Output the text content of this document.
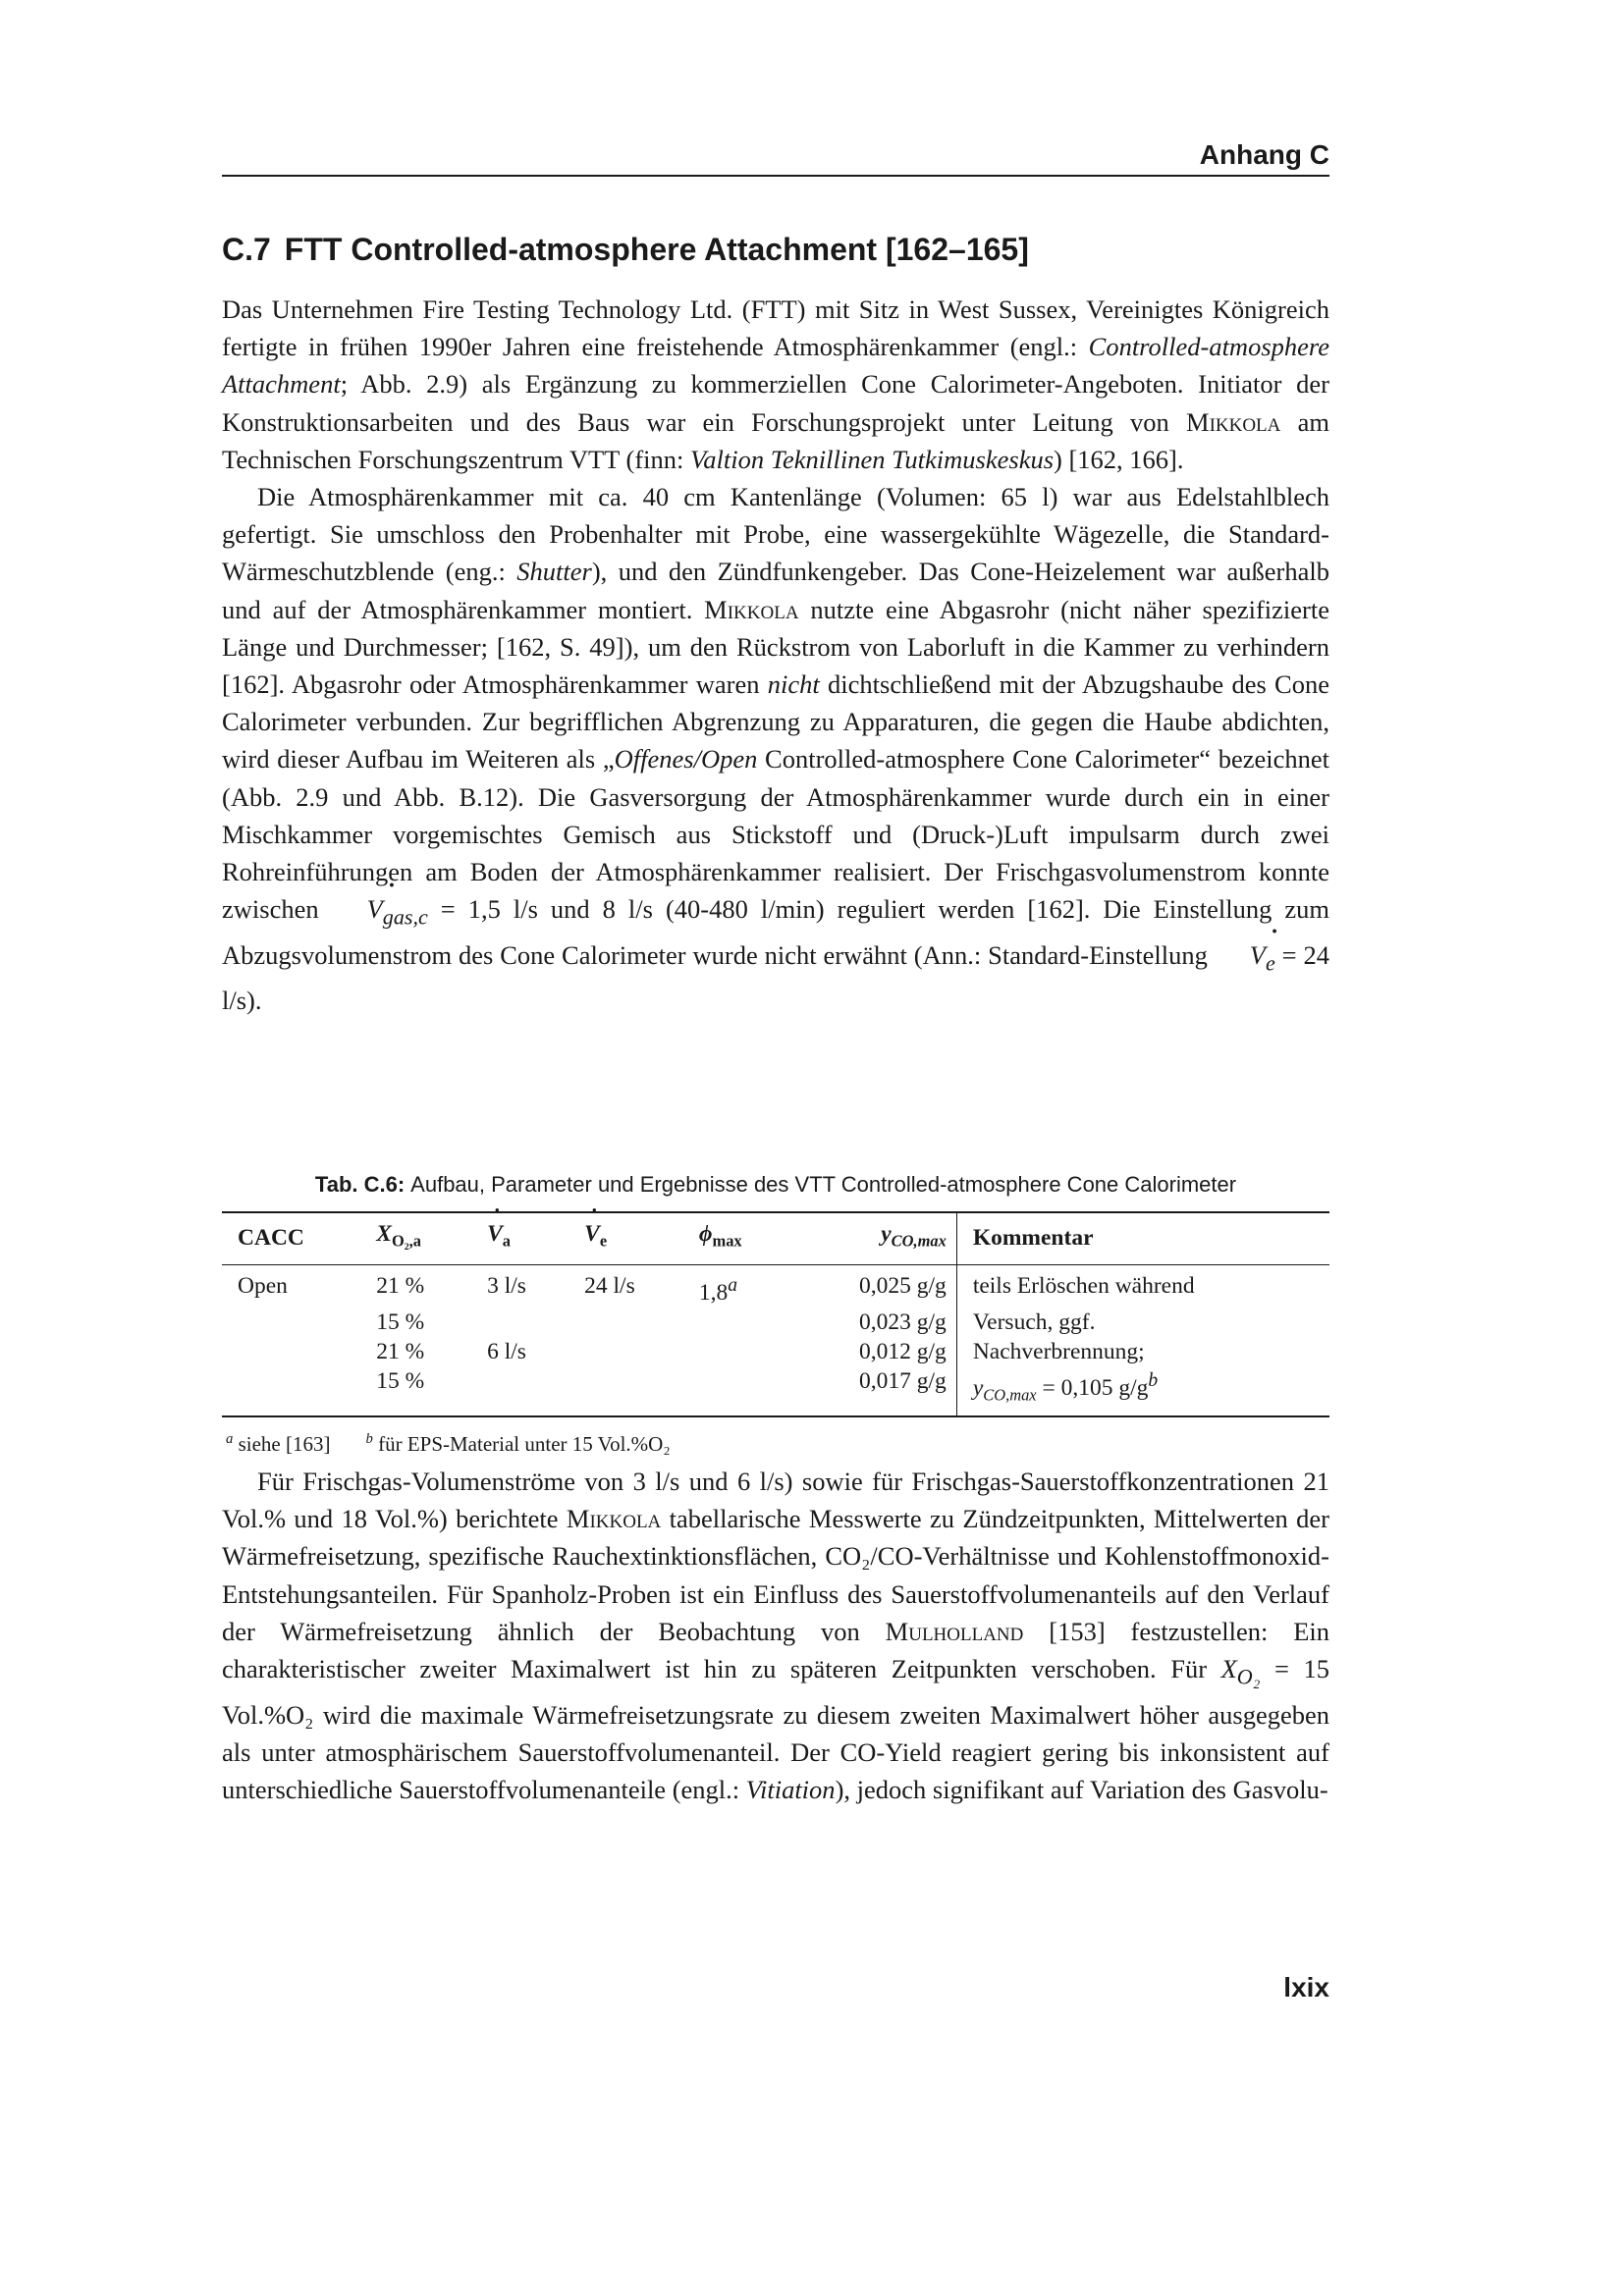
Anhang C
C.7 FTT Controlled-atmosphere Attachment [162–165]

Das Unternehmen Fire Testing Technology Ltd. (FTT) mit Sitz in West Sussex, Vereinigtes Königreich fertigte in frühen 1990er Jahren eine freistehende Atmosphärenkammer (engl.: Controlled-atmosphere Attachment; Abb. 2.9) als Ergänzung zu kommerziellen Cone Calorimeter-Angeboten. Initiator der Konstruktionsarbeiten und des Baus war ein Forschungsprojekt unter Leitung von Mikkola am Technischen Forschungszentrum VTT (finn: Valtion Teknillinen Tutkimuskeskus) [162, 166].

Die Atmosphärenkammer mit ca. 40 cm Kantenlänge (Volumen: 65 l) war aus Edelstahlblech gefertigt. Sie umschloss den Probenhalter mit Probe, eine wassergekühlte Wägezelle, die Standard-Wärmeschutzblende (eng.: Shutter), und den Zündfunkengeber. Das Cone-Heizelement war außerhalb und auf der Atmosphärenkammer montiert. Mikkola nutzte eine Abgasrohr (nicht näher spezifizierte Länge und Durchmesser; [162, S. 49]), um den Rückstrom von Laborluft in die Kammer zu verhindern [162]. Abgasrohr oder Atmosphärenkammer waren nicht dichtschließend mit der Abzugshaube des Cone Calorimeter verbunden. Zur begrifflichen Abgrenzung zu Apparaturen, die gegen die Haube abdichten, wird dieser Aufbau im Weiteren als „Offenes/Open Controlled-atmosphere Cone Calorimeter“ bezeichnet (Abb. 2.9 und Abb. B.12). Die Gasversorgung der Atmosphärenkammer wurde durch ein in einer Mischkammer vorgemischtes Gemisch aus Stickstoff und (Druck-)Luft impulsarm durch zwei Rohreinführungen am Boden der Atmosphärenkammer realisiert. Der Frischgasvolumenstrom konnte zwischen ˙ $V_{gas,c} = 1,5$ l/s und 8 l/s (40-480 l/min) reguliert werden [162]. Die Einstellung zum Abzugsvolumenstrom des Cone Calorimeter wurde nicht erwähnt (Ann.: Standard-Einstellung ˙ $V_e = 24$ l/s).

Tab. C.6: Aufbau, Parameter und Ergebnisse des VTT Controlled-atmosphere Cone Calorimeter
CACC	$X_{O_2,a}$	˙ $V_a$	˙ $V_e$	$\phi_{max}$	$y_{CO,max}$	Kommentar
Open	21 %	3 l/s	24 l/s	1,8$^a$	0,025 g/g	teils Erlöschen während
	15 %				0,023 g/g	Versuch, ggf.
	21 %	6 l/s			0,012 g/g	Nachverbrennung;
	15 %				0,017 g/g	$y_{CO,max} = 0,105$ $g/g^b$
$^a$ siehe [163] $^b$ für EPS-Material unter 15 Vol.%O₂

Für Frischgas-Volumenströme von 3 l/s und 6 l/s) sowie für Frischgas-Sauerstoffkonzentrationen 21 Vol.% und 18 Vol.%) berichtete Mikkola tabellarische Messwerte zu Zündzeitpunkten, Mittelwerten der Wärmefreisetzung, spezifische Rauchextinktionsflächen, CO₂/CO-Verhältnisse und Kohlenstoffmonoxid-Entstehungsanteilen. Für Spanholz-Proben ist ein Einfluss des Sauerstoffvolumenanteils auf den Verlauf der Wärmefreisetzung ähnlich der Beobachtung von Mulholland [153] festzustellen: Ein charakteristischer zweiter Maximalwert ist hin zu späteren Zeitpunkten verschoben. Für $X_{O_2} = 15$ Vol.%O₂ wird die maximale Wärmefreisetzungsrate zu diesem zweiten Maximalwert höher ausgegeben als unter atmosphärischem Sauerstoffvolumenanteil. Der CO-Yield reagiert gering bis inkonsistent auf unterschiedliche Sauerstoffvolumenanteile (engl.: Vitiation), jedoch signifikant auf Variation des Gasvolu-

lxix
